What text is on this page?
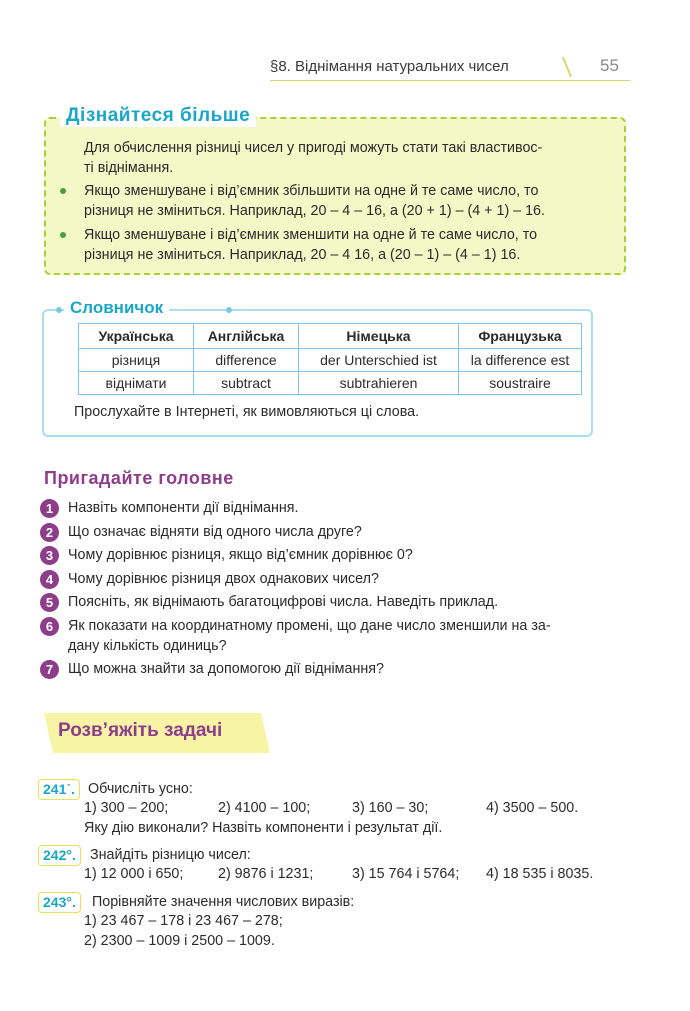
§8. Віднімання натуральних чисел	55
Дізнайтеся більше
Для обчислення різниці чисел у пригоді можуть стати такі властивос-
ті віднімання.
Якщо зменшуване і від’ємник збільшити на одне й те саме число, то
різниця не зміниться. Наприклад, 20 – 4 – 16, а (20 + 1) – (4 + 1) – 16.
Якщо зменшуване і від’ємник зменшити на одне й те саме число, то
різниця не зміниться. Наприклад, 20 – 4 16, а (20 – 1) – (4 – 1) 16.
Словничок
Українська	Англійська	Німецька	Французька
різниця	difference	der Unterschied ist	la difference est
віднімати	subtract	subtrahieren	soustraire
Прослухайте в Інтернеті, як вимовляються ці слова.
Пригадайте головне
1	Назвіть компоненти дії віднімання.
2	Що означає відняти від одного числа друге?
3	Чому дорівнює різниця, якщо від’ємник дорівнює 0?
4	Чому дорівнює різниця двох однакових чисел?
5	Поясніть, як віднімають багатоцифрові числа. Наведіть приклад.
6	Як показати на координатному промені, що дане число зменшили на за-
дану кількість одиниць?
7	Що можна знайти за допомогою дії віднімання?
Розв’яжіть задачі
241˙. Обчисліть усно:
1) 300 – 200;	2) 4100 – 100;	3) 160 – 30;	4) 3500 – 500.
Яку дію виконали? Назвіть компоненти і результат дії.
242°. Знайдіть різницю чисел:
1) 12 000 і 650; 2) 9876 і 1231;	3) 15 764 і 5764; 4) 18 535 і 8035.
243°.	Порівняйте значення числових виразів:
1) 23 467 – 178 і 23 467 – 278;
2) 2300 – 1009 і 2500 – 1009.
